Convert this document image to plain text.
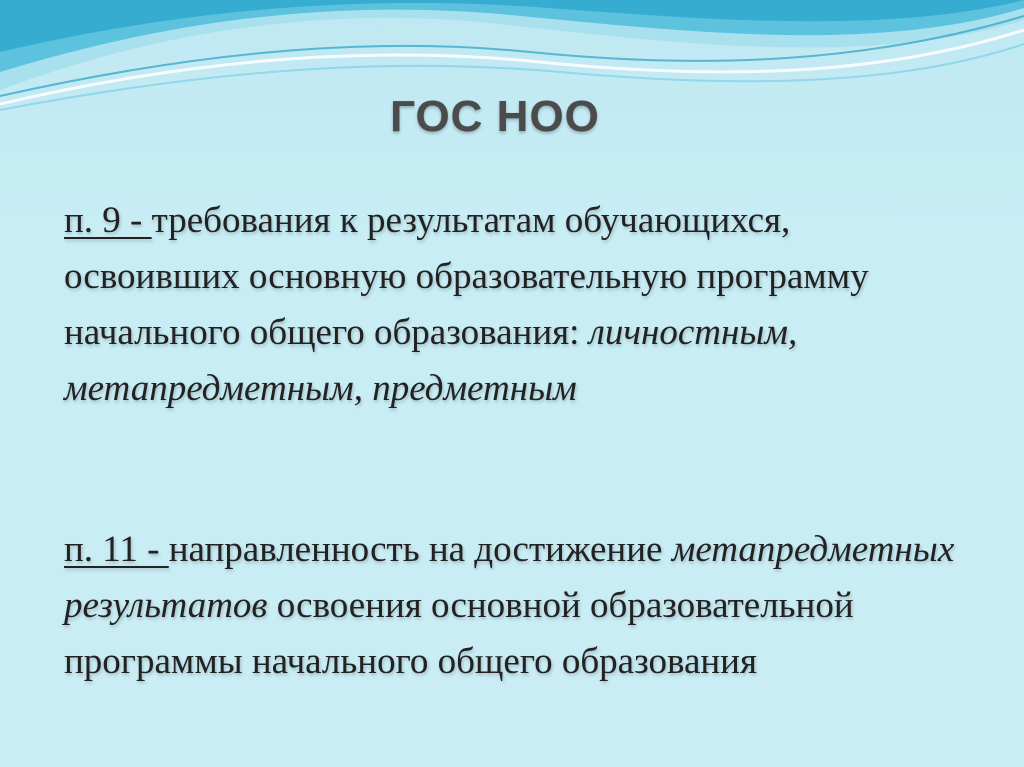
ГОС НОО
п. 9 - требования к результатам обучающихся, освоивших основную образовательную программу начального общего образования: личностным, метапредметным, предметным
п. 11 - направленность на достижение метапредметных результатов освоения основной образовательной программы начального общего образования
